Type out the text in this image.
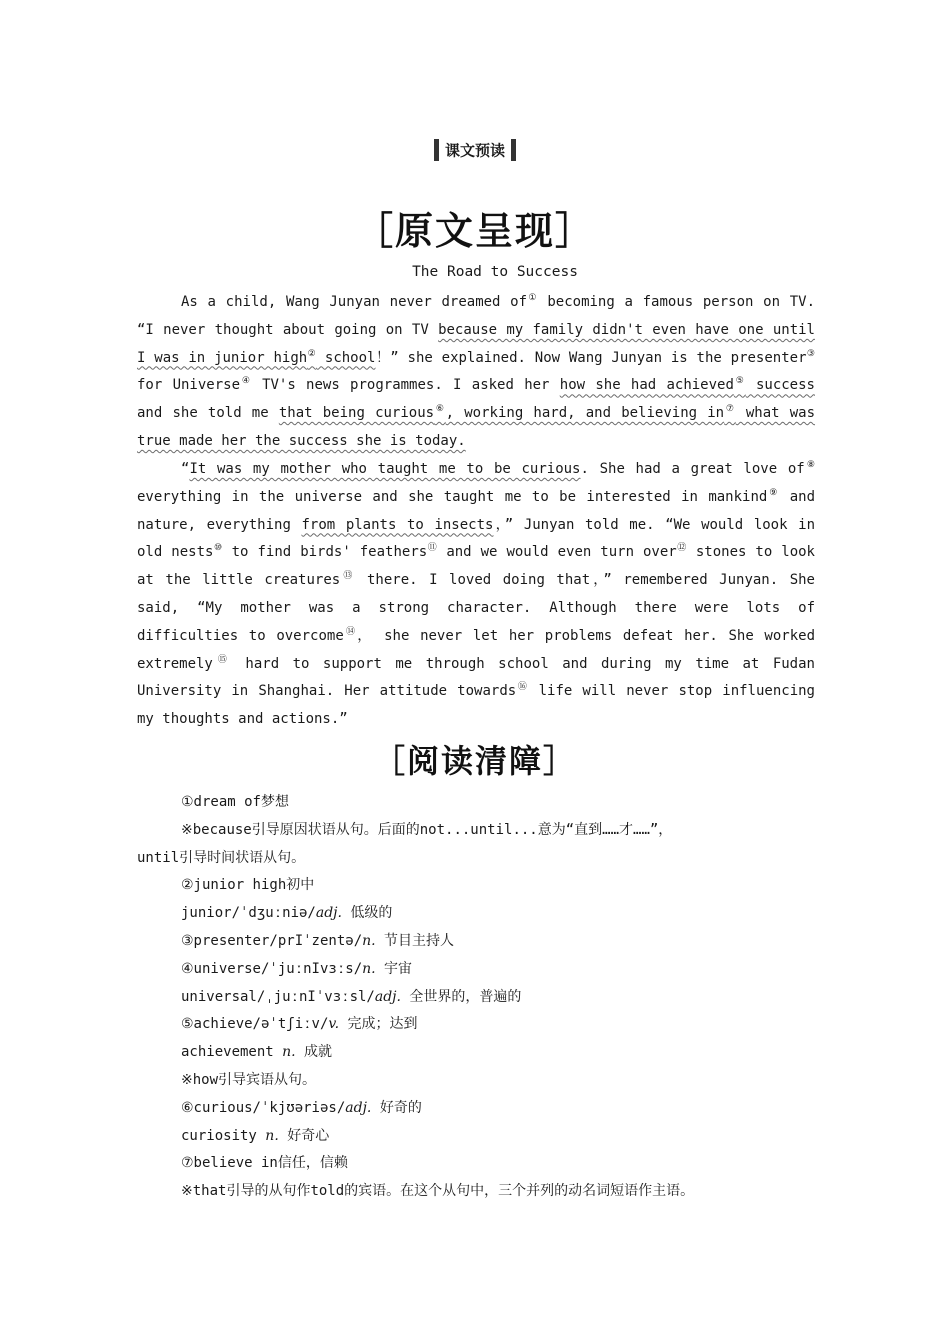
课文预读
［原文呈现］
The Road to Success

As a child, Wang Junyan never dreamed of① becoming a famous person on TV. “I never thought about going on TV because my family didn't even have one until I was in junior high② school！” she explained. Now Wang Junyan is the presenter③ for Universe④ TV's news programmes. I asked her how she had achieved⑤ success and she told me that being curious⑥, working hard, and believing in⑦ what was true made her the success she is today.

“It was my mother who taught me to be curious. She had a great love of⑧ everything in the universe and she taught me to be interested in mankind⑨ and nature, everything from plants to insects，” Junyan told me. “We would look in old nests⑩ to find birds' feathers⑪ and we would even turn over⑫ stones to look at the little creatures⑬ there. I loved doing that，” remembered Junyan. She said, “My mother was a strong character. Although there were lots of difficulties to overcome⑭， she never let her problems defeat her. She worked extremely⑮ hard to support me through school and during my time at Fudan University in Shanghai. Her attitude towards⑯ life will never stop influencing my thoughts and actions.”

［阅读清障］
①dream of梦想
※because引导原因状语从句。后面的not...until...意为“直到……才……”，
until引导时间状语从句。
②junior high初中
junior/ˈdʒuːniə/adj. 低级的
③presenter/prIˈzentə/n. 节目主持人
④universe/ˈjuːnIvɜːs/n. 宇宙
universal/ˌjuːnIˈvɜːsl/adj. 全世界的，普遍的
⑤achieve/əˈtʃiːv/v. 完成；达到
achievement n. 成就
※how引导宾语从句。
⑥curious/ˈkjʊəriəs/adj. 好奇的
curiosity n. 好奇心
⑦believe in信任，信赖
※that引导的从句作told的宾语。在这个从句中，三个并列的动名词短语作主语。
